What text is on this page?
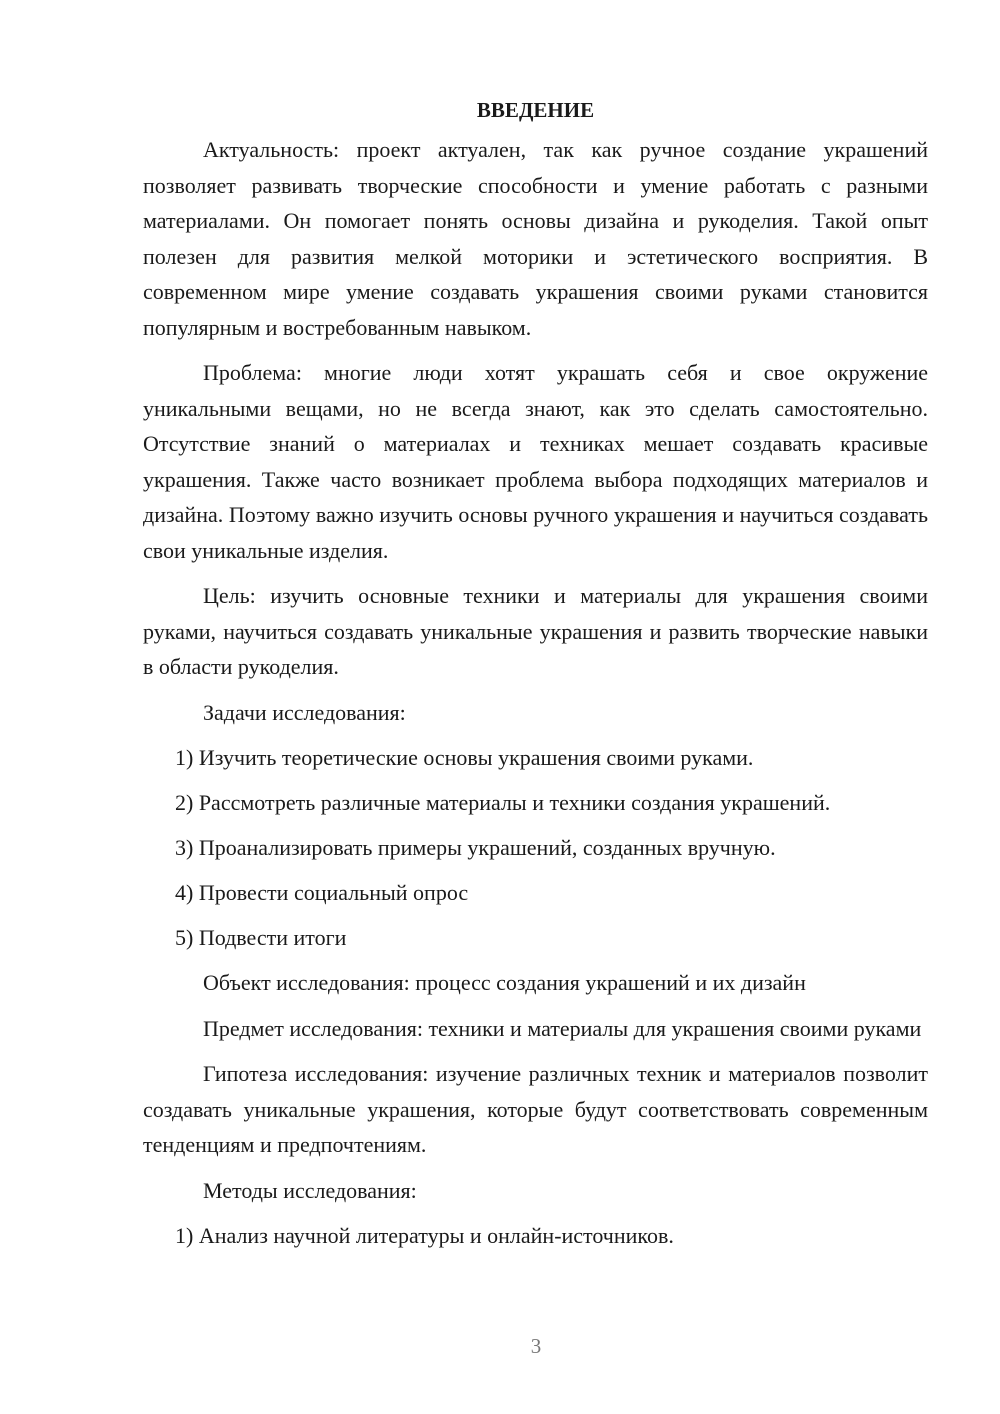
ВВЕДЕНИЕ

Актуальность: проект актуален, так как ручное создание украшений позволяет развивать творческие способности и умение работать с разными материалами. Он помогает понять основы дизайна и рукоделия. Такой опыт полезен для развития мелкой моторики и эстетического восприятия. В современном мире умение создавать украшения своими руками становится популярным и востребованным навыком.

Проблема: многие люди хотят украшать себя и свое окружение уникальными вещами, но не всегда знают, как это сделать самостоятельно. Отсутствие знаний о материалах и техниках мешает создавать красивые украшения. Также часто возникает проблема выбора подходящих материалов и дизайна. Поэтому важно изучить основы ручного украшения и научиться создавать свои уникальные изделия.

Цель: изучить основные техники и материалы для украшения своими руками, научиться создавать уникальные украшения и развить творческие навыки в области рукоделия.

Задачи исследования:

1) Изучить теоретические основы украшения своими руками.

2) Рассмотреть различные материалы и техники создания украшений.

3) Проанализировать примеры украшений, созданных вручную.

4) Провести социальный опрос

5) Подвести итоги

Объект исследования: процесс создания украшений и их дизайн

Предмет исследования: техники и материалы для украшения своими руками

Гипотеза исследования: изучение различных техник и материалов позволит создавать уникальные украшения, которые будут соответствовать современным тенденциям и предпочтениям.

Методы исследования:

1) Анализ научной литературы и онлайн-источников.

3
